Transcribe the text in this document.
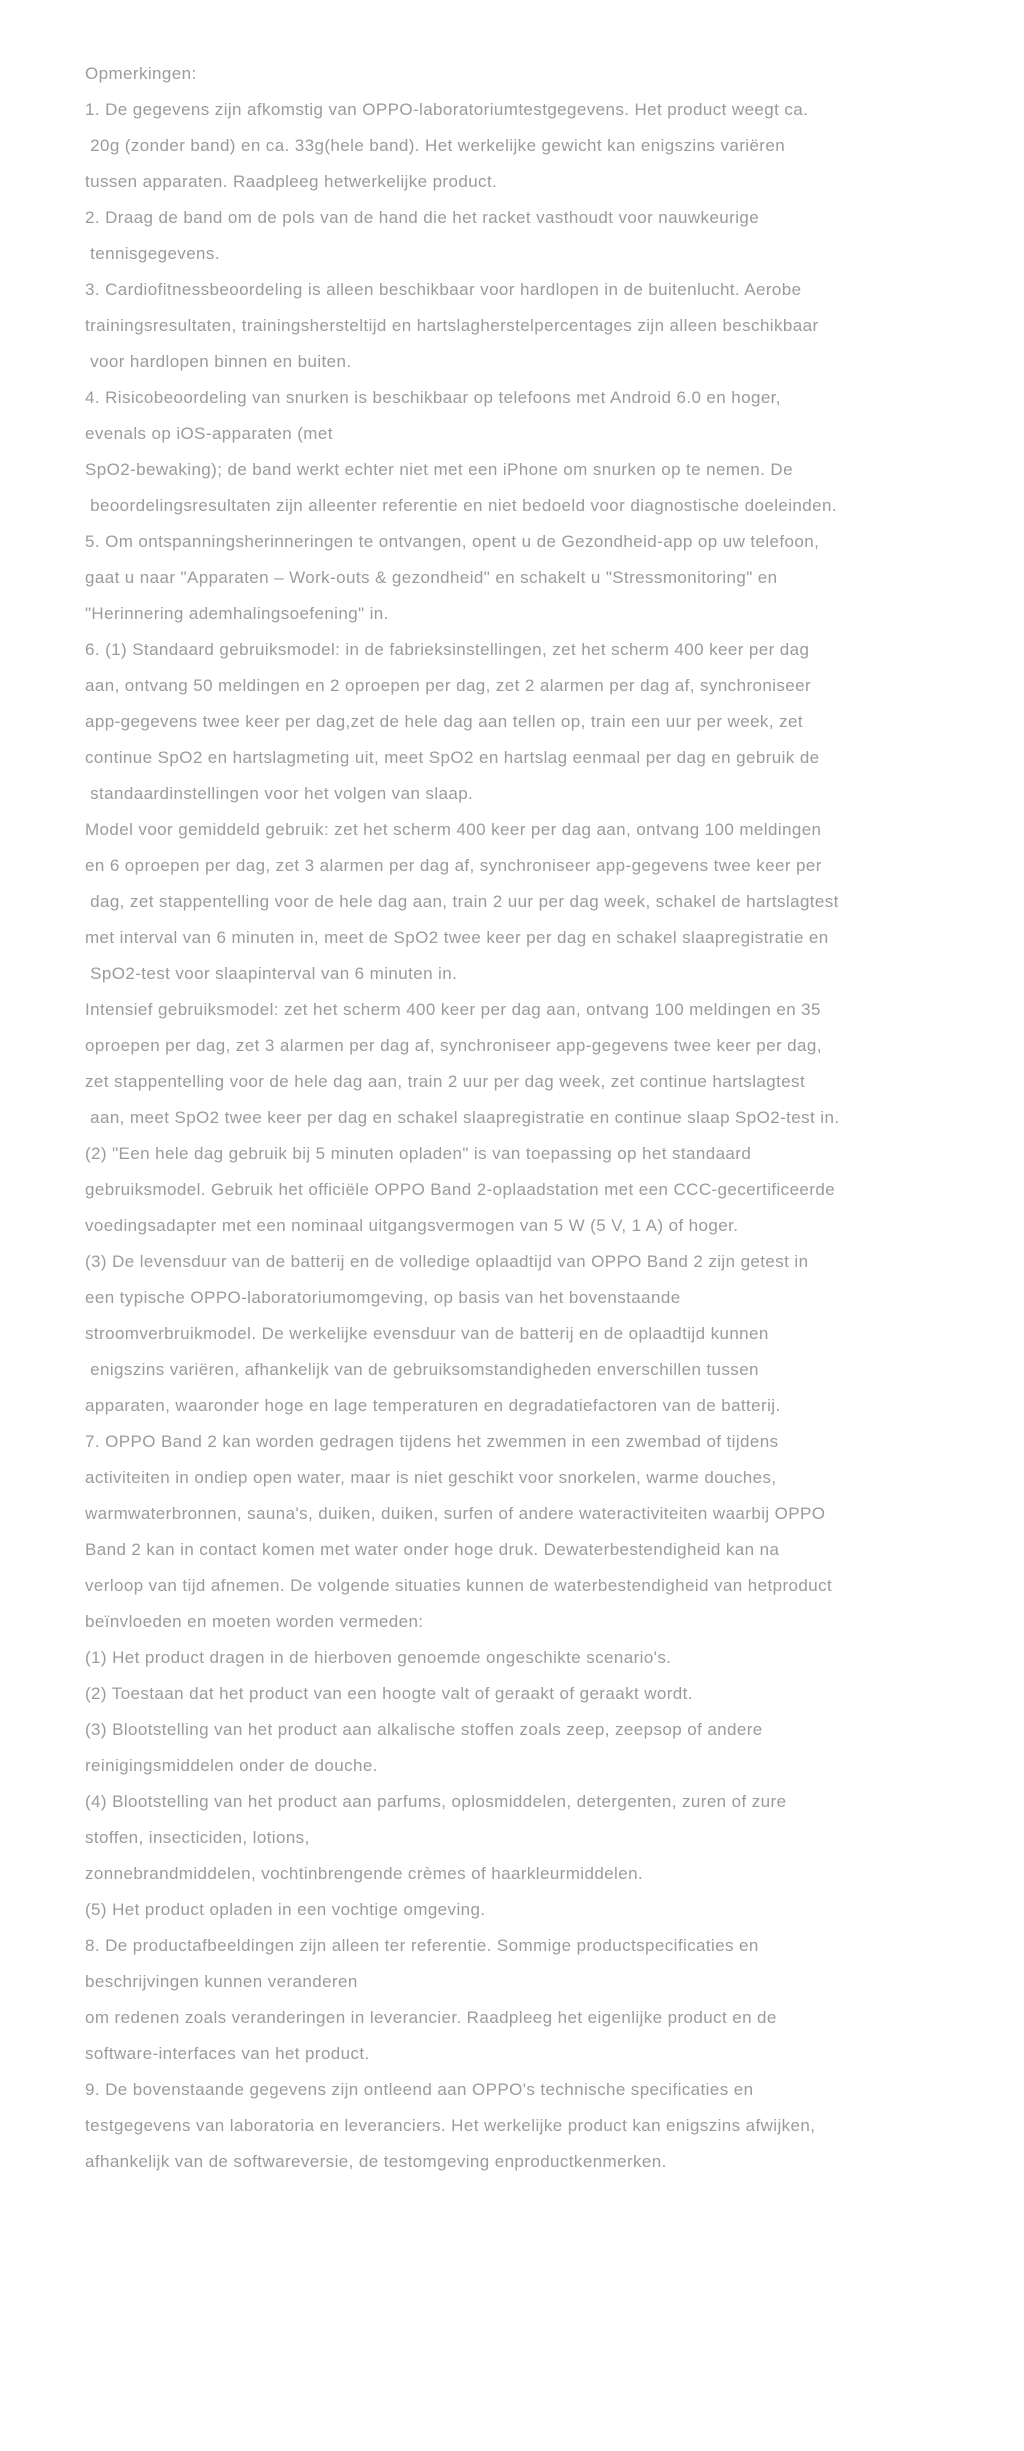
Opmerkingen:

1. De gegevens zijn afkomstig van OPPO-laboratoriumtestgegevens. Het product weegt ca.

20g (zonder band) en ca. 33g(hele band). Het werkelijke gewicht kan enigszins variëren

tussen apparaten. Raadpleeg hetwerkelijke product.

2. Draag de band om de pols van de hand die het racket vasthoudt voor nauwkeurige

tennisgegevens.

3. Cardiofitnessbeoordeling is alleen beschikbaar voor hardlopen in de buitenlucht. Aerobe

trainingsresultaten, trainingshersteltijd en hartslagherstelpercentages zijn alleen beschikbaar

voor hardlopen binnen en buiten.

4. Risicobeoordeling van snurken is beschikbaar op telefoons met Android 6.0 en hoger,

evenals op iOS-apparaten (met

SpO2-bewaking); de band werkt echter niet met een iPhone om snurken op te nemen. De

beoordelingsresultaten zijn alleenter referentie en niet bedoeld voor diagnostische doeleinden.

5. Om ontspanningsherinneringen te ontvangen, opent u de Gezondheid-app op uw telefoon,

gaat u naar "Apparaten – Work-outs & gezondheid" en schakelt u "Stressmonitoring" en

"Herinnering ademhalingsoefening" in.

6. (1) Standaard gebruiksmodel: in de fabrieksinstellingen, zet het scherm 400 keer per dag

aan, ontvang 50 meldingen en 2 oproepen per dag, zet 2 alarmen per dag af, synchroniseer

app-gegevens twee keer per dag,zet de hele dag aan tellen op, train een uur per week, zet

continue SpO2 en hartslagmeting uit, meet SpO2 en hartslag eenmaal per dag en gebruik de

standaardinstellingen voor het volgen van slaap.

Model voor gemiddeld gebruik: zet het scherm 400 keer per dag aan, ontvang 100 meldingen

en 6 oproepen per dag, zet 3 alarmen per dag af, synchroniseer app-gegevens twee keer per

dag, zet stappentelling voor de hele dag aan, train 2 uur per dag week, schakel de hartslagtest

met interval van 6 minuten in, meet de SpO2 twee keer per dag en schakel slaapregistratie en

SpO2-test voor slaapinterval van 6 minuten in.

Intensief gebruiksmodel: zet het scherm 400 keer per dag aan, ontvang 100 meldingen en 35

oproepen per dag, zet 3 alarmen per dag af, synchroniseer app-gegevens twee keer per dag,

zet stappentelling voor de hele dag aan, train 2 uur per dag week, zet continue hartslagtest

aan, meet SpO2 twee keer per dag en schakel slaapregistratie en continue slaap SpO2-test in.

(2) "Een hele dag gebruik bij 5 minuten opladen" is van toepassing op het standaard

gebruiksmodel. Gebruik het officiële OPPO Band 2-oplaadstation met een CCC-gecertificeerde

voedingsadapter met een nominaal uitgangsvermogen van 5 W (5 V, 1 A) of hoger.

(3) De levensduur van de batterij en de volledige oplaadtijd van OPPO Band 2 zijn getest in

een typische OPPO-laboratoriumomgeving, op basis van het bovenstaande

stroomverbruikmodel. De werkelijke evensduur van de batterij en de oplaadtijd kunnen

enigszins variëren, afhankelijk van de gebruiksomstandigheden enverschillen tussen

apparaten, waaronder hoge en lage temperaturen en degradatiefactoren van de batterij.

7. OPPO Band 2 kan worden gedragen tijdens het zwemmen in een zwembad of tijdens

activiteiten in ondiep open water, maar is niet geschikt voor snorkelen, warme douches,

warmwaterbronnen, sauna's, duiken, duiken, surfen of andere wateractiviteiten waarbij OPPO

Band 2 kan in contact komen met water onder hoge druk. Dewaterbestendigheid kan na

verloop van tijd afnemen. De volgende situaties kunnen de waterbestendigheid van hetproduct

beïnvloeden en moeten worden vermeden:

(1) Het product dragen in de hierboven genoemde ongeschikte scenario's.

(2) Toestaan dat het product van een hoogte valt of geraakt of geraakt wordt.

(3) Blootstelling van het product aan alkalische stoffen zoals zeep, zeepsop of andere

reinigingsmiddelen onder de douche.

(4) Blootstelling van het product aan parfums, oplosmiddelen, detergenten, zuren of zure

stoffen, insecticiden, lotions,

zonnebrandmiddelen, vochtinbrengende crèmes of haarkleurmiddelen.

(5) Het product opladen in een vochtige omgeving.

8. De productafbeeldingen zijn alleen ter referentie. Sommige productspecificaties en

beschrijvingen kunnen veranderen

om redenen zoals veranderingen in leverancier. Raadpleeg het eigenlijke product en de

software-interfaces van het product.

9. De bovenstaande gegevens zijn ontleend aan OPPO's technische specificaties en

testgegevens van laboratoria en leveranciers. Het werkelijke product kan enigszins afwijken,

afhankelijk van de softwareversie, de testomgeving enproductkenmerken.
